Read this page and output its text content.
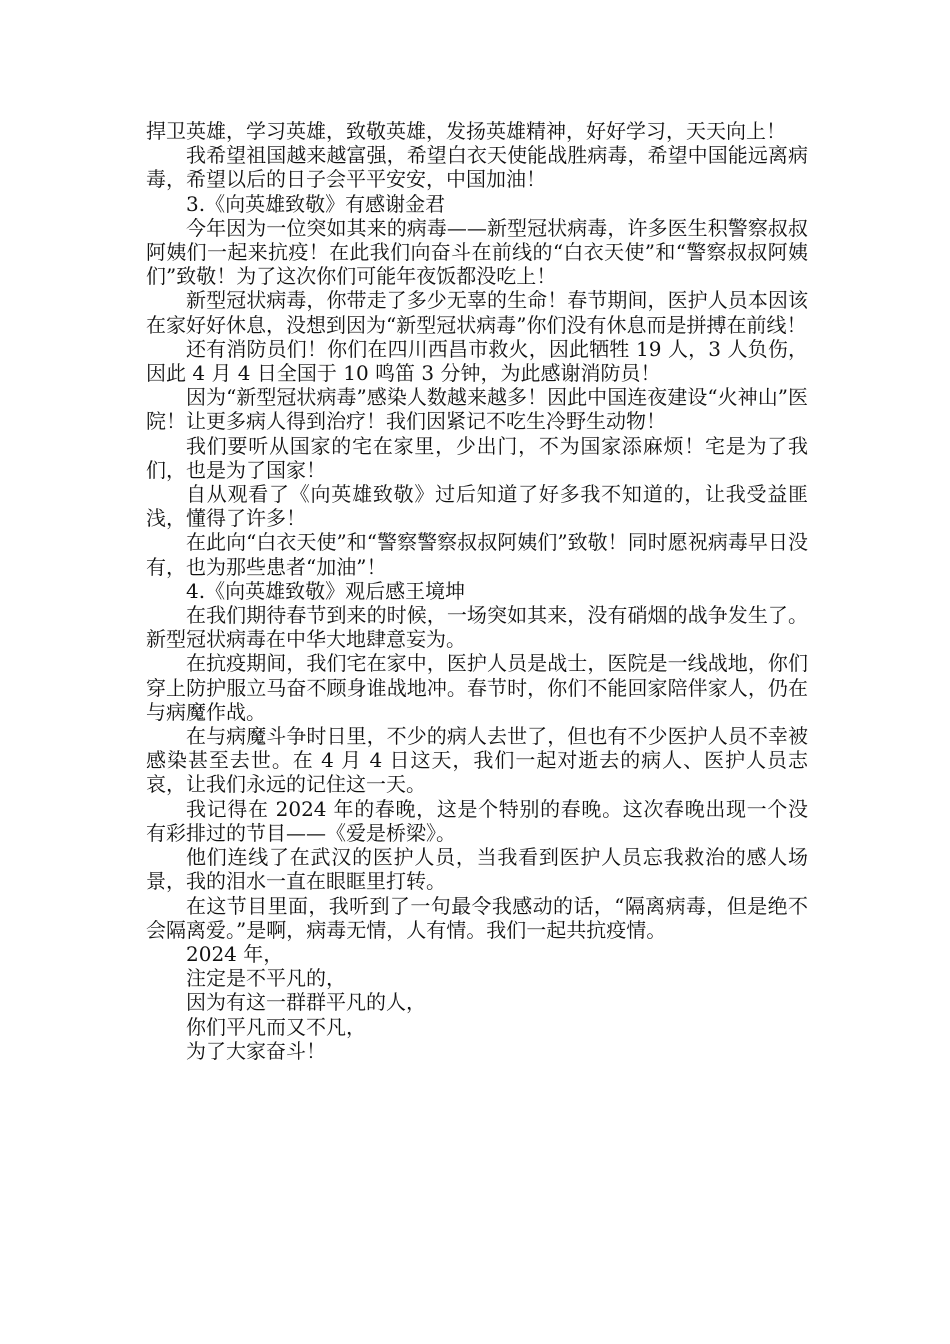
捍卫英雄，学习英雄，致敬英雄，发扬英雄精神，好好学习，天天向上！

我希望祖国越来越富强，希望白衣天使能战胜病毒，希望中国能远离病毒，希望以后的日子会平平安安，中国加油！

3.《向英雄致敬》有感谢金君

今年因为一位突如其来的病毒——新型冠状病毒，许多医生积警察叔叔阿姨们一起来抗疫！在此我们向奋斗在前线的“白衣天使”和“警察叔叔阿姨们”致敬！为了这次你们可能年夜饭都没吃上！

新型冠状病毒，你带走了多少无辜的生命！春节期间，医护人员本因该在家好好休息，没想到因为“新型冠状病毒”你们没有休息而是拼搏在前线！

还有消防员们！你们在四川西昌市救火，因此牺牲 19 人，3 人负伤，因此 4 月 4 日全国于 10 鸣笛 3 分钟，为此感谢消防员！

因为“新型冠状病毒”感染人数越来越多！因此中国连夜建设“火神山”医院！让更多病人得到治疗！我们因紧记不吃生冷野生动物！

我们要听从国家的宅在家里，少出门，不为国家添麻烦！宅是为了我们，也是为了国家！

自从观看了《向英雄致敬》过后知道了好多我不知道的，让我受益匪浅，懂得了许多！

在此向“白衣天使”和“警察警察叔叔阿姨们”致敬！同时愿祝病毒早日没有，也为那些患者“加油”！

4.《向英雄致敬》观后感王境坤

在我们期待春节到来的时候，一场突如其来，没有硝烟的战争发生了。新型冠状病毒在中华大地肆意妄为。

在抗疫期间，我们宅在家中，医护人员是战士，医院是一线战地，你们穿上防护服立马奋不顾身谁战地冲。春节时，你们不能回家陪伴家人，仍在与病魔作战。

在与病魔斗争时日里，不少的病人去世了，但也有不少医护人员不幸被感染甚至去世。在 4 月 4 日这天，我们一起对逝去的病人、医护人员志哀，让我们永远的记住这一天。

我记得在 2024 年的春晚，这是个特别的春晚。这次春晚出现一个没有彩排过的节目——《爱是桥梁》。

他们连线了在武汉的医护人员，当我看到医护人员忘我救治的感人场景，我的泪水一直在眼眶里打转。

在这节目里面，我听到了一句最令我感动的话，“隔离病毒，但是绝不会隔离爱。”是啊，病毒无情，人有情。我们一起共抗疫情。

2024 年，

注定是不平凡的，

因为有这一群群平凡的人，

你们平凡而又不凡，

为了大家奋斗！
